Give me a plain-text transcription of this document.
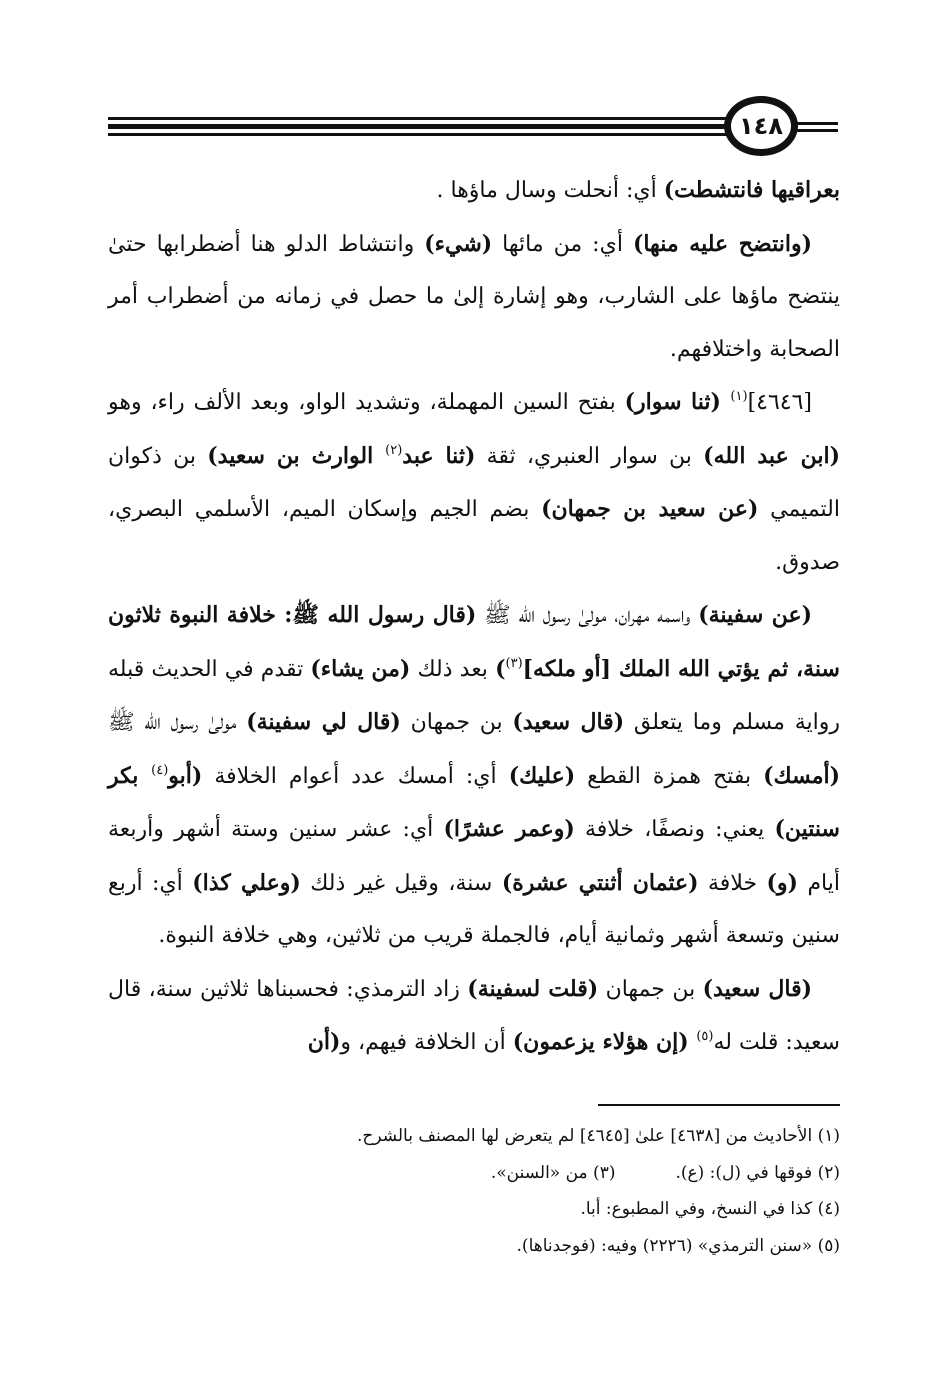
١٤٨

بعراقيها فانتشطت) أي: أنحلت وسال ماؤها .

(وانتضح عليه منها) أي: من مائها (شيء) وانتشاط الدلو هنا أضطرابها حتىٰ ينتضح ماؤها على الشارب، وهو إشارة إلىٰ ما حصل في زمانه من أضطراب أمر الصحابة واختلافهم.

[٤٦٤٦]$^{(١)}$ (ثنا سوار) بفتح السين المهملة، وتشديد الواو، وبعد الألف راء، وهو (ابن عبد الله) بن سوار العنبري، ثقة (ثنا عبد$^{(٢)}$ الوارث بن سعيد) بن ذكوان التميمي (عن سعيد بن جمهان) بضم الجيم وإسكان الميم، الأسلمي البصري، صدوق.

(عن سفينة) واسمه مهران، مولىٰ رسول الله ﷺ (قال رسول الله ﷺ: خلافة النبوة ثلاثون سنة، ثم يؤتي الله الملك [أو ملكه]$^{(٣)}$) بعد ذلك (من يشاء) تقدم في الحديث قبله رواية مسلم وما يتعلق (قال سعيد) بن جمهان (قال لي سفينة) مولىٰ رسول الله ﷺ (أمسك) بفتح همزة القطع (عليك) أي: أمسك عدد أعوام الخلافة (أبو$^{(٤)}$ بكر سنتين) يعني: ونصفًا، خلافة (وعمر عشرًا) أي: عشر سنين وستة أشهر وأربعة أيام (و) خلافة (عثمان أثنتي عشرة) سنة، وقيل غير ذلك (وعلي كذا) أي: أربع سنين وتسعة أشهر وثمانية أيام، فالجملة قريب من ثلاثين، وهي خلافة النبوة.

(قال سعيد) بن جمهان (قلت لسفينة) زاد الترمذي: فحسبناها ثلاثين سنة، قال سعيد: قلت له$^{(٥)}$ (إن هؤلاء يزعمون) أن الخلافة فيهم، و(أن

(١) الأحاديث من [٤٦٣٨] علىٰ [٤٦٤٥] لم يتعرض لها المصنف بالشرح.

(٢) فوقها في (ل): (ع).(٣) من «السنن».

(٤) كذا في النسخ، وفي المطبوع: أبا.

(٥) «سنن الترمذي» (٢٢٢٦) وفيه: (فوجدناها).
